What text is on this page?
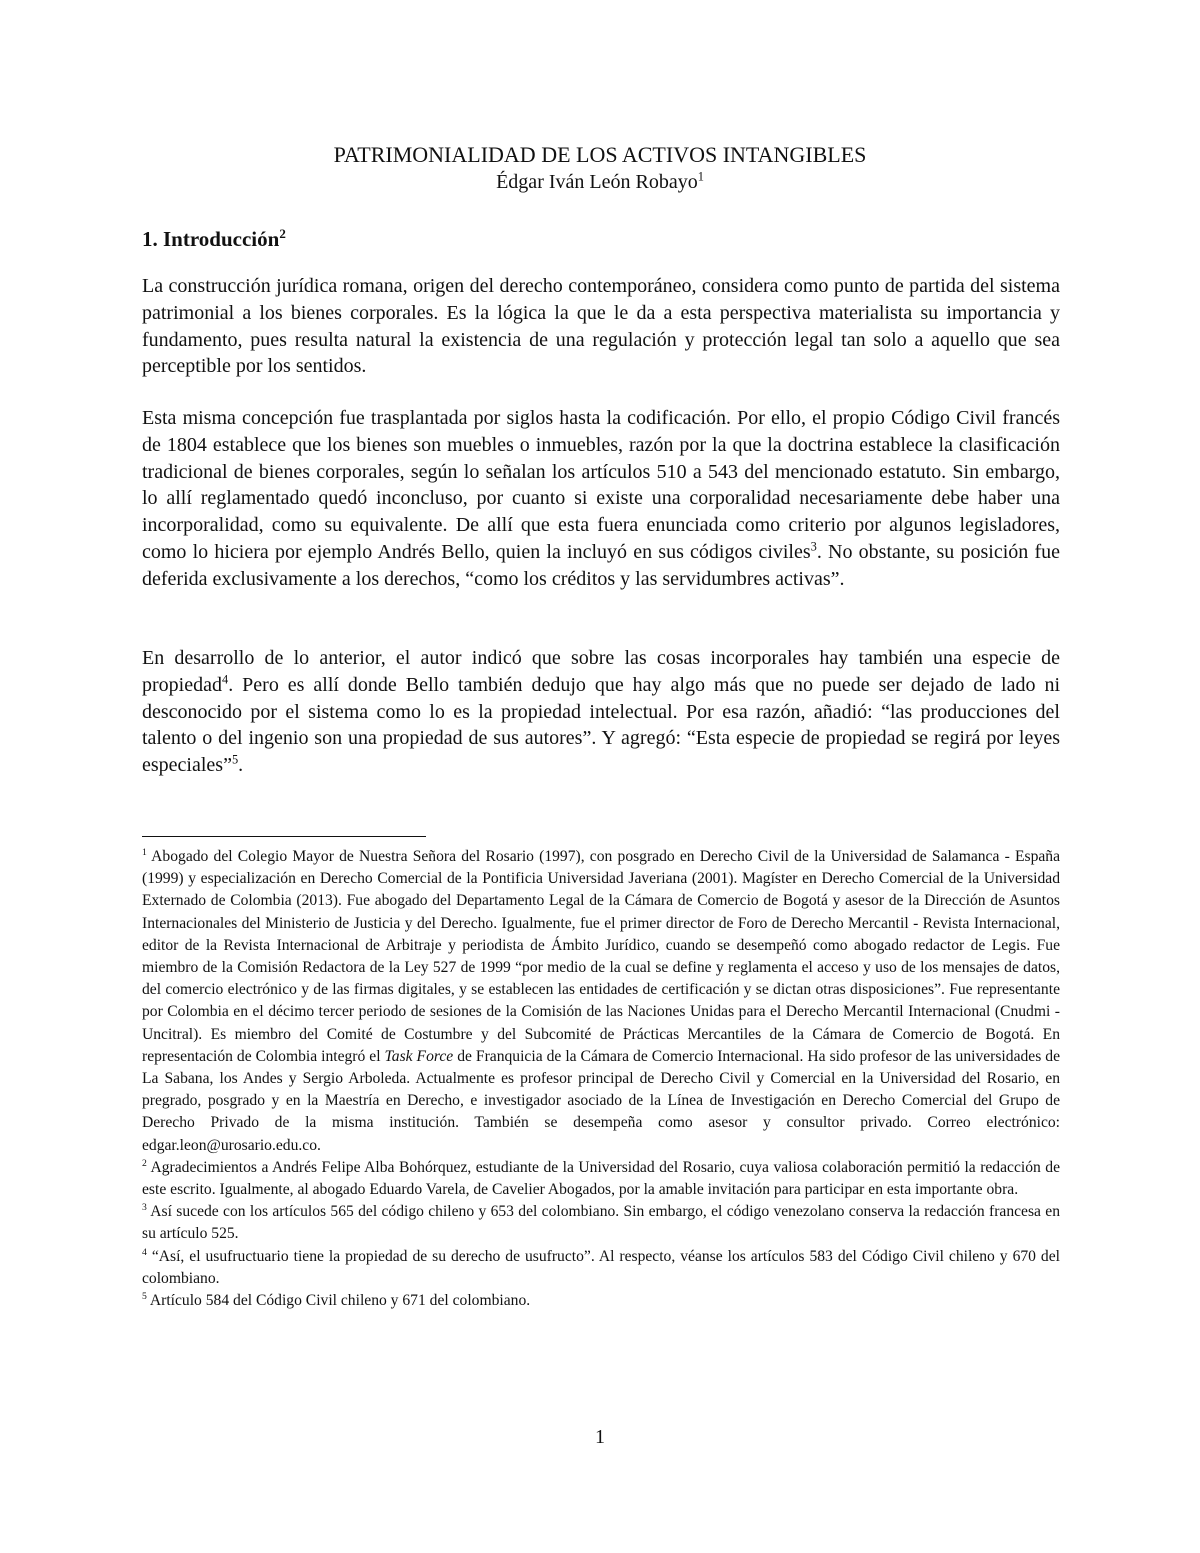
PATRIMONIALIDAD DE LOS ACTIVOS INTANGIBLES
Édgar Iván León Robayo$^1$
1. Introducción$^2$

La construcción jurídica romana, origen del derecho contemporáneo, considera como punto de partida del sistema patrimonial a los bienes corporales. Es la lógica la que le da a esta perspectiva materialista su importancia y fundamento, pues resulta natural la existencia de una regulación y protección legal tan solo a aquello que sea perceptible por los sentidos.

Esta misma concepción fue trasplantada por siglos hasta la codificación. Por ello, el propio Código Civil francés de 1804 establece que los bienes son muebles o inmuebles, razón por la que la doctrina establece la clasificación tradicional de bienes corporales, según lo señalan los artículos 510 a 543 del mencionado estatuto. Sin embargo, lo allí reglamentado quedó inconcluso, por cuanto si existe una corporalidad necesariamente debe haber una incorporalidad, como su equivalente. De allí que esta fuera enunciada como criterio por algunos legisladores, como lo hiciera por ejemplo Andrés Bello, quien la incluyó en sus códigos civiles$^3$. No obstante, su posición fue deferida exclusivamente a los derechos, “como los créditos y las servidumbres activas”.

En desarrollo de lo anterior, el autor indicó que sobre las cosas incorporales hay también una especie de propiedad$^4$. Pero es allí donde Bello también dedujo que hay algo más que no puede ser dejado de lado ni desconocido por el sistema como lo es la propiedad intelectual. Por esa razón, añadió: “las producciones del talento o del ingenio son una propiedad de sus autores”. Y agregó: “Esta especie de propiedad se regirá por leyes especiales”$^5$.

$^1$ Abogado del Colegio Mayor de Nuestra Señora del Rosario (1997), con posgrado en Derecho Civil de la Universidad de Salamanca - España (1999) y especialización en Derecho Comercial de la Pontificia Universidad Javeriana (2001). Magíster en Derecho Comercial de la Universidad Externado de Colombia (2013). Fue abogado del Departamento Legal de la Cámara de Comercio de Bogotá y asesor de la Dirección de Asuntos Internacionales del Ministerio de Justicia y del Derecho. Igualmente, fue el primer director de Foro de Derecho Mercantil - Revista Internacional, editor de la Revista Internacional de Arbitraje y periodista de Ámbito Jurídico, cuando se desempeñó como abogado redactor de Legis. Fue miembro de la Comisión Redactora de la Ley 527 de 1999 “por medio de la cual se define y reglamenta el acceso y uso de los mensajes de datos, del comercio electrónico y de las firmas digitales, y se establecen las entidades de certificación y se dictan otras disposiciones”. Fue representante por Colombia en el décimo tercer periodo de sesiones de la Comisión de las Naciones Unidas para el Derecho Mercantil Internacional (Cnudmi - Uncitral). Es miembro del Comité de Costumbre y del Subcomité de Prácticas Mercantiles de la Cámara de Comercio de Bogotá. En representación de Colombia integró el Task Force de Franquicia de la Cámara de Comercio Internacional. Ha sido profesor de las universidades de La Sabana, los Andes y Sergio Arboleda. Actualmente es profesor principal de Derecho Civil y Comercial en la Universidad del Rosario, en pregrado, posgrado y en la Maestría en Derecho, e investigador asociado de la Línea de Investigación en Derecho Comercial del Grupo de Derecho Privado de la misma institución. También se desempeña como asesor y consultor privado. Correo electrónico: edgar.leon@urosario.edu.co.

$^2$ Agradecimientos a Andrés Felipe Alba Bohórquez, estudiante de la Universidad del Rosario, cuya valiosa colaboración permitió la redacción de este escrito. Igualmente, al abogado Eduardo Varela, de Cavelier Abogados, por la amable invitación para participar en esta importante obra.

$^3$ Así sucede con los artículos 565 del código chileno y 653 del colombiano. Sin embargo, el código venezolano conserva la redacción francesa en su artículo 525.

$^4$ “Así, el usufructuario tiene la propiedad de su derecho de usufructo”. Al respecto, véanse los artículos 583 del Código Civil chileno y 670 del colombiano.

$^5$ Artículo 584 del Código Civil chileno y 671 del colombiano.

1
